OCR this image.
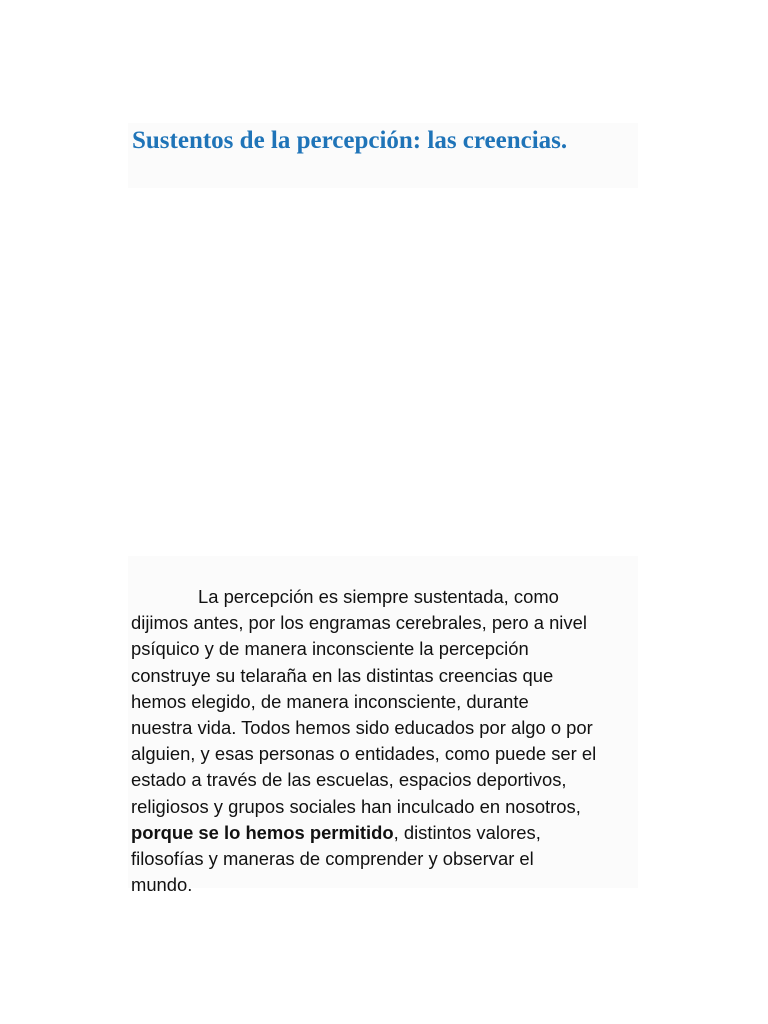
Sustentos de la percepción: las creencias.

La percepción es siempre sustentada, como
dijimos antes, por los engramas cerebrales, pero a nivel
psíquico y de manera inconsciente la percepción
construye su telaraña en las distintas creencias que
hemos elegido, de manera inconsciente, durante
nuestra vida. Todos hemos sido educados por algo o por
alguien, y esas personas o entidades, como puede ser el
estado a través de las escuelas, espacios deportivos,
religiosos y grupos sociales han inculcado en nosotros,
porque se lo hemos permitido, distintos valores,
filosofías y maneras de comprender y observar el
mundo.
